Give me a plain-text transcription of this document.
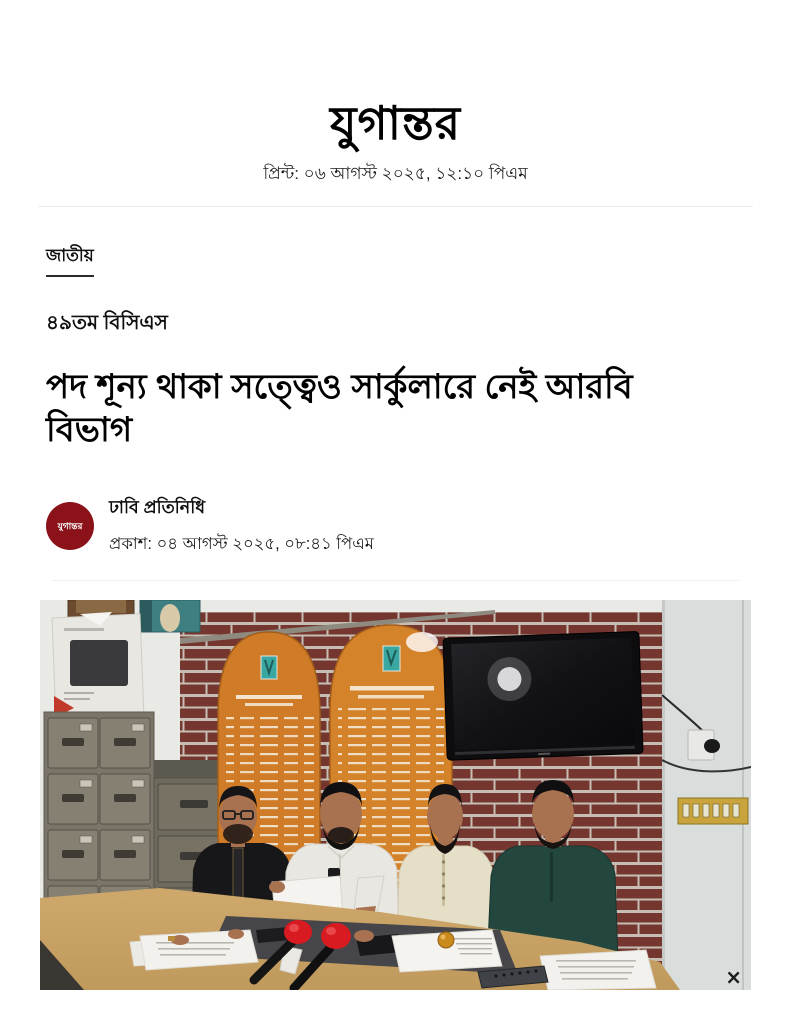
যুগান্তর
প্রিন্ট: ০৬ আগস্ট ২০২৫, ১২:১০ পিএম
জাতীয়
৪৯তম বিসিএস
পদ শূন্য থাকা সত্ত্বেও সার্কুলারে নেই আরবি বিভাগ
যুগান্তর
ঢাবি প্রতিনিধি
প্রকাশ: ০৪ আগস্ট ২০২৫, ০৮:৪১ পিএম
×
